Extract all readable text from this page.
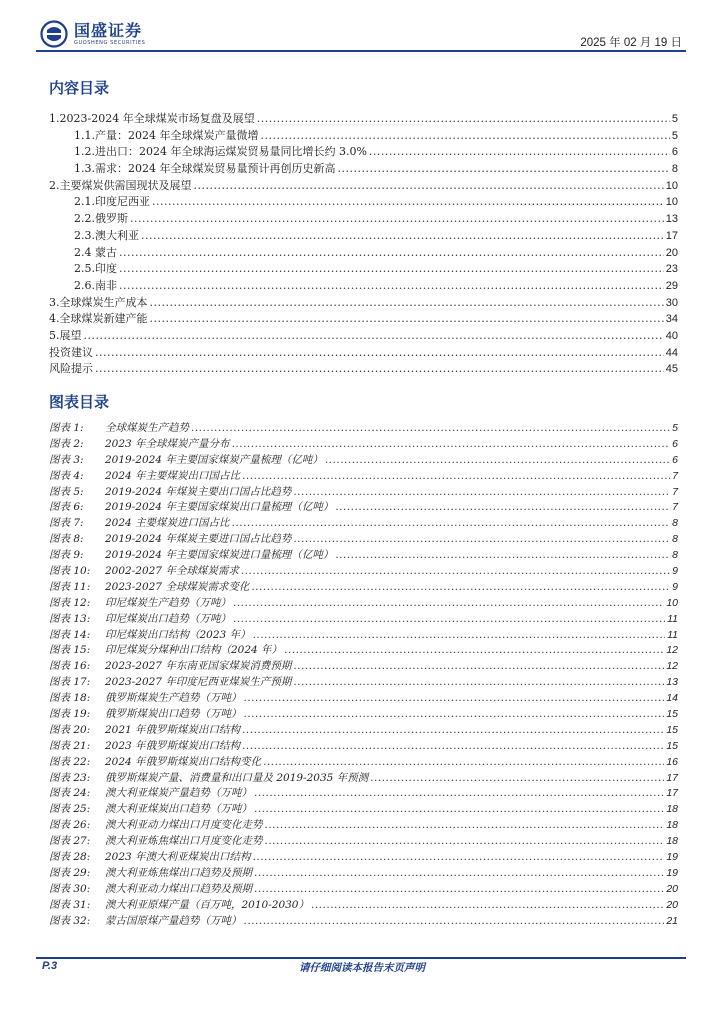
国盛证券
GUOSHENG SECURITIES	2025 年 02 月 19 日
内容目录
1.2023-2024 年全球煤炭市场复盘及展望 .....	5
1.1.产量：2024 年全球煤炭产量微增 .....	5
1.2.进出口：2024 年全球海运煤炭贸易量同比增长约 3.0% .....	6
1.3.需求：2024 年全球煤炭贸易量预计再创历史新高 .....	8
2.主要煤炭供需国现状及展望 .....	10
2.1.印度尼西亚 .....	10
2.2.俄罗斯 .....	13
2.3.澳大利亚 .....	17
2.4 蒙古 .....	20
2.5.印度 .....	23
2.6.南非 .....	29
3.全球煤炭生产成本 .....	30
4.全球煤炭新建产能 .....	34
5.展望 .....	40
投资建议 .....	44
风险提示 .....	45
图表目录
图表 1:	全球煤炭生产趋势 .....	5
图表 2:	2023 年全球煤炭产量分布 .....	6
图表 3:	2019-2024 年主要国家煤炭产量梳理（亿吨） .....	6
图表 4:	2024 年主要煤炭出口国占比 .....	7
图表 5:	2019-2024 年煤炭主要出口国占比趋势 .....	7
图表 6:	2019-2024 年主要国家煤炭出口量梳理（亿吨） .....	7
图表 7:	2024 主要煤炭进口国占比 .....	8
图表 8:	2019-2024 年煤炭主要进口国占比趋势 .....	8
图表 9:	2019-2024 年主要国家煤炭进口量梳理（亿吨） .....	8
图表 10:	2002-2027 年全球煤炭需求 .....	9
图表 11:	2023-2027 全球煤炭需求变化 .....	9
图表 12:	印尼煤炭生产趋势（万吨） .....	10
图表 13:	印尼煤炭出口趋势（万吨） .....	11
图表 14:	印尼煤炭出口结构（2023 年） .....	11
图表 15:	印尼煤炭分煤种出口结构（2024 年） .....	12
图表 16:	2023-2027 年东南亚国家煤炭消费预期 .....	12
图表 17:	2023-2027 年印度尼西亚煤炭生产预期 .....	13
图表 18:	俄罗斯煤炭生产趋势（万吨） .....	14
图表 19:	俄罗斯煤炭出口趋势（万吨） .....	15
图表 20:	2021 年俄罗斯煤炭出口结构 .....	15
图表 21:	2023 年俄罗斯煤炭出口结构 .....	15
图表 22:	2024 年俄罗斯煤炭出口结构变化 .....	16
图表 23:	俄罗斯煤炭产量、消费量和出口量及 2019-2035 年预测 .....	17
图表 24:	澳大利亚煤炭产量趋势（万吨） .....	17
图表 25:	澳大利亚煤炭出口趋势（万吨） .....	18
图表 26:	澳大利亚动力煤出口月度变化走势 .....	18
图表 27:	澳大利亚炼焦煤出口月度变化走势 .....	18
图表 28:	2023 年澳大利亚煤炭出口结构 .....	19
图表 29:	澳大利亚炼焦煤出口趋势及预期 .....	19
图表 30:	澳大利亚动力煤出口趋势及预期 .....	20
图表 31:	澳大利亚原煤产量（百万吨，2010-2030） .....	20
图表 32:	蒙古国原煤产量趋势（万吨） .....	21
P.3	请仔细阅读本报告末页声明
